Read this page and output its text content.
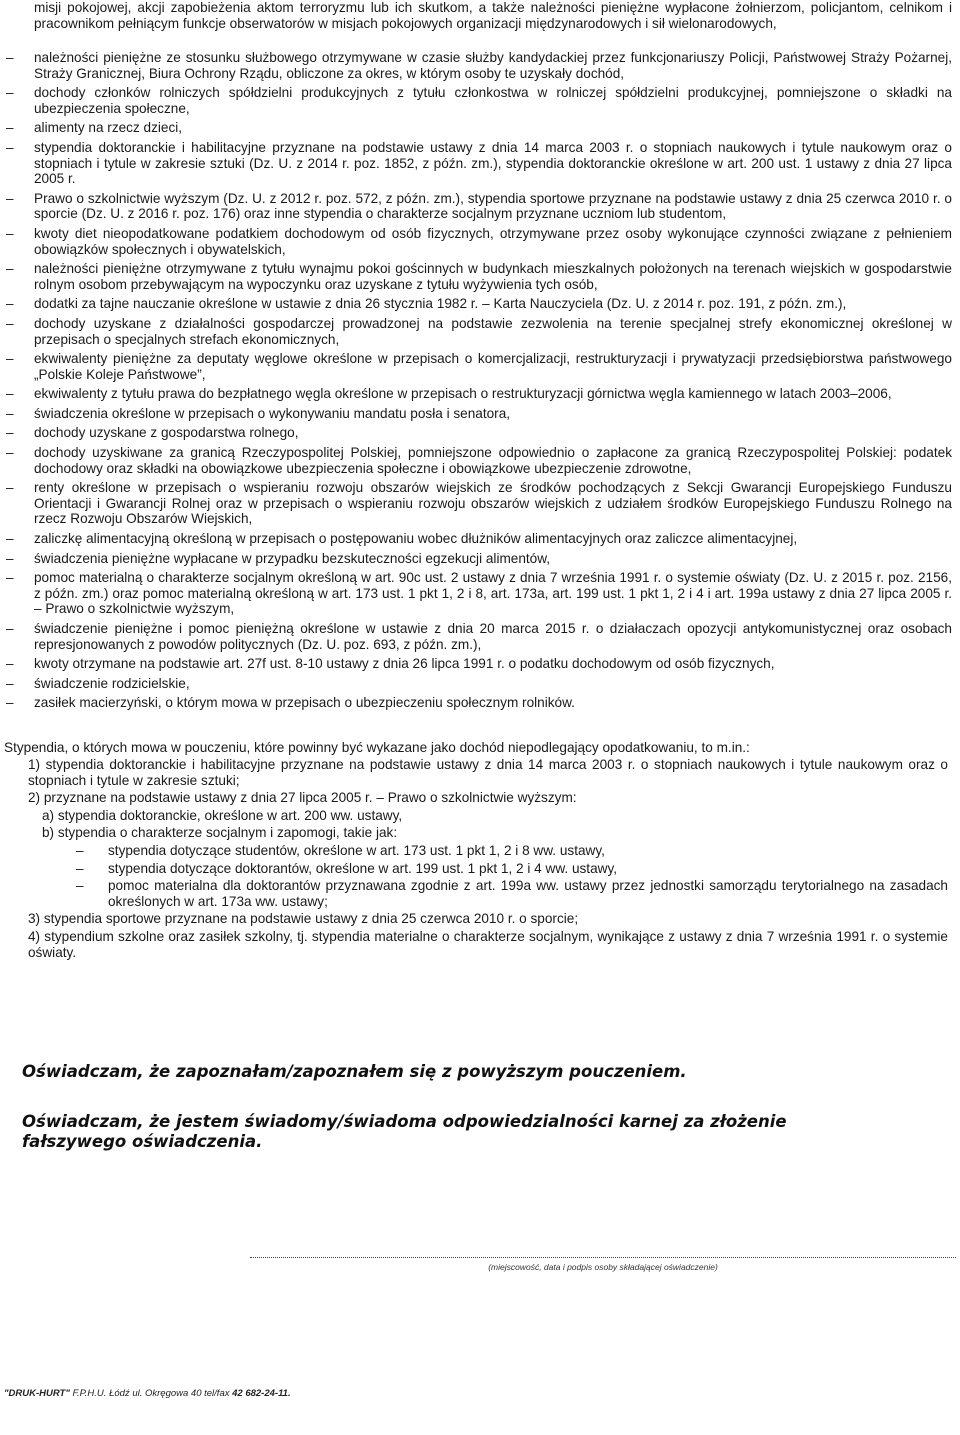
misji pokojowej, akcji zapobieżenia aktom terroryzmu lub ich skutkom, a także należności pieniężne wypłacone żołnierzom, policjantom, celnikom i pracownikom pełniącym funkcje obserwatorów w misjach pokojowych organizacji międzynarodowych i sił wielonarodowych,
– należności pieniężne ze stosunku służbowego otrzymywane w czasie służby kandydackiej przez funkcjonariuszy Policji, Państwowej Straży Pożarnej, Straży Granicznej, Biura Ochrony Rządu, obliczone za okres, w którym osoby te uzyskały dochód,
– dochody członków rolniczych spółdzielni produkcyjnych z tytułu członkostwa w rolniczej spółdzielni produkcyjnej, pomniejszone o składki na ubezpieczenia społeczne,
– alimenty na rzecz dzieci,
– stypendia doktoranckie i habilitacyjne przyznane na podstawie ustawy z dnia 14 marca 2003 r. o stopniach naukowych i tytule naukowym oraz o stopniach i tytule w zakresie sztuki (Dz. U. z 2014 r. poz. 1852, z późn. zm.), stypendia doktoranckie określone w art. 200 ust. 1 ustawy z dnia 27 lipca 2005 r.
– Prawo o szkolnictwie wyższym (Dz. U. z 2012 r. poz. 572, z późn. zm.), stypendia sportowe przyznane na podstawie ustawy z dnia 25 czerwca 2010 r. o sporcie (Dz. U. z 2016 r. poz. 176) oraz inne stypendia o charakterze socjalnym przyznane uczniom lub studentom,
– kwoty diet nieopodatkowane podatkiem dochodowym od osób fizycznych, otrzymywane przez osoby wykonujące czynności związane z pełnieniem obowiązków społecznych i obywatelskich,
– należności pieniężne otrzymywane z tytułu wynajmu pokoi gościnnych w budynkach mieszkalnych położonych na terenach wiejskich w gospodarstwie rolnym osobom przebywającym na wypoczynku oraz uzyskane z tytułu wyżywienia tych osób,
– dodatki za tajne nauczanie określone w ustawie z dnia 26 stycznia 1982 r. – Karta Nauczyciela (Dz. U. z 2014 r. poz. 191, z późn. zm.),
– dochody uzyskane z działalności gospodarczej prowadzonej na podstawie zezwolenia na terenie specjalnej strefy ekonomicznej określonej w przepisach o specjalnych strefach ekonomicznych,
– ekwiwalenty pieniężne za deputaty węglowe określone w przepisach o komercjalizacji, restrukturyzacji i prywatyzacji przedsiębiorstwa państwowego „Polskie Koleje Państwowe”,
– ekwiwalenty z tytułu prawa do bezpłatnego węgla określone w przepisach o restrukturyzacji górnictwa węgla kamiennego w latach 2003–2006,
– świadczenia określone w przepisach o wykonywaniu mandatu posła i senatora,
– dochody uzyskane z gospodarstwa rolnego,
– dochody uzyskiwane za granicą Rzeczypospolitej Polskiej, pomniejszone odpowiednio o zapłacone za granicą Rzeczypospolitej Polskiej: podatek dochodowy oraz składki na obowiązkowe ubezpieczenia społeczne i obowiązkowe ubezpieczenie zdrowotne,
– renty określone w przepisach o wspieraniu rozwoju obszarów wiejskich ze środków pochodzących z Sekcji Gwarancji Europejskiego Funduszu Orientacji i Gwarancji Rolnej oraz w przepisach o wspieraniu rozwoju obszarów wiejskich z udziałem środków Europejskiego Funduszu Rolnego na rzecz Rozwoju Obszarów Wiejskich,
– zaliczkę alimentacyjną określoną w przepisach o postępowaniu wobec dłużników alimentacyjnych oraz zaliczce alimentacyjnej,
– świadczenia pieniężne wypłacane w przypadku bezskuteczności egzekucji alimentów,
– pomoc materialną o charakterze socjalnym określoną w art. 90c ust. 2 ustawy z dnia 7 września 1991 r. o systemie oświaty (Dz. U. z 2015 r. poz. 2156, z późn. zm.) oraz pomoc materialną określoną w art. 173 ust. 1 pkt 1, 2 i 8, art. 173a, art. 199 ust. 1 pkt 1, 2 i 4 i art. 199a ustawy z dnia 27 lipca 2005 r. – Prawo o szkolnictwie wyższym,
– świadczenie pieniężne i pomoc pieniężną określone w ustawie z dnia 20 marca 2015 r. o działaczach opozycji antykomunistycznej oraz osobach represjonowanych z powodów politycznych (Dz. U. poz. 693, z późn. zm.),
– kwoty otrzymane na podstawie art. 27f ust. 8-10 ustawy z dnia 26 lipca 1991 r. o podatku dochodowym od osób fizycznych,
– świadczenie rodzicielskie,
– zasiłek macierzyński, o którym mowa w przepisach o ubezpieczeniu społecznym rolników.
Stypendia, o których mowa w pouczeniu, które powinny być wykazane jako dochód niepodlegający opodatkowaniu, to m.in.:
1) stypendia doktoranckie i habilitacyjne przyznane na podstawie ustawy z dnia 14 marca 2003 r. o stopniach naukowych i tytule naukowym oraz o stopniach i tytule w zakresie sztuki;
2) przyznane na podstawie ustawy z dnia 27 lipca 2005 r. – Prawo o szkolnictwie wyższym:
a) stypendia doktoranckie, określone w art. 200 ww. ustawy,
b) stypendia o charakterze socjalnym i zapomogi, takie jak:
– stypendia dotyczące studentów, określone w art. 173 ust. 1 pkt 1, 2 i 8 ww. ustawy,
– stypendia dotyczące doktorantów, określone w art. 199 ust. 1 pkt 1, 2 i 4 ww. ustawy,
– pomoc materialna dla doktorantów przyznawana zgodnie z art. 199a ww. ustawy przez jednostki samorządu terytorialnego na zasadach określonych w art. 173a ww. ustawy;
3) stypendia sportowe przyznane na podstawie ustawy z dnia 25 czerwca 2010 r. o sporcie;
4) stypendium szkolne oraz zasiłek szkolny, tj. stypendia materialne o charakterze socjalnym, wynikające z ustawy z dnia 7 września 1991 r. o systemie oświaty.
Oświadczam, że zapoznałam/zapoznałem się z powyższym pouczeniem.
Oświadczam, że jestem świadomy/świadoma odpowiedzialności karnej za złożenie fałszywego oświadczenia.
(miejscowość, data i podpis osoby składającej oświadczenie)
"DRUK-HURT" F.P.H.U. Łódź ul. Okręgowa 40 tel/fax 42 682-24-11.
